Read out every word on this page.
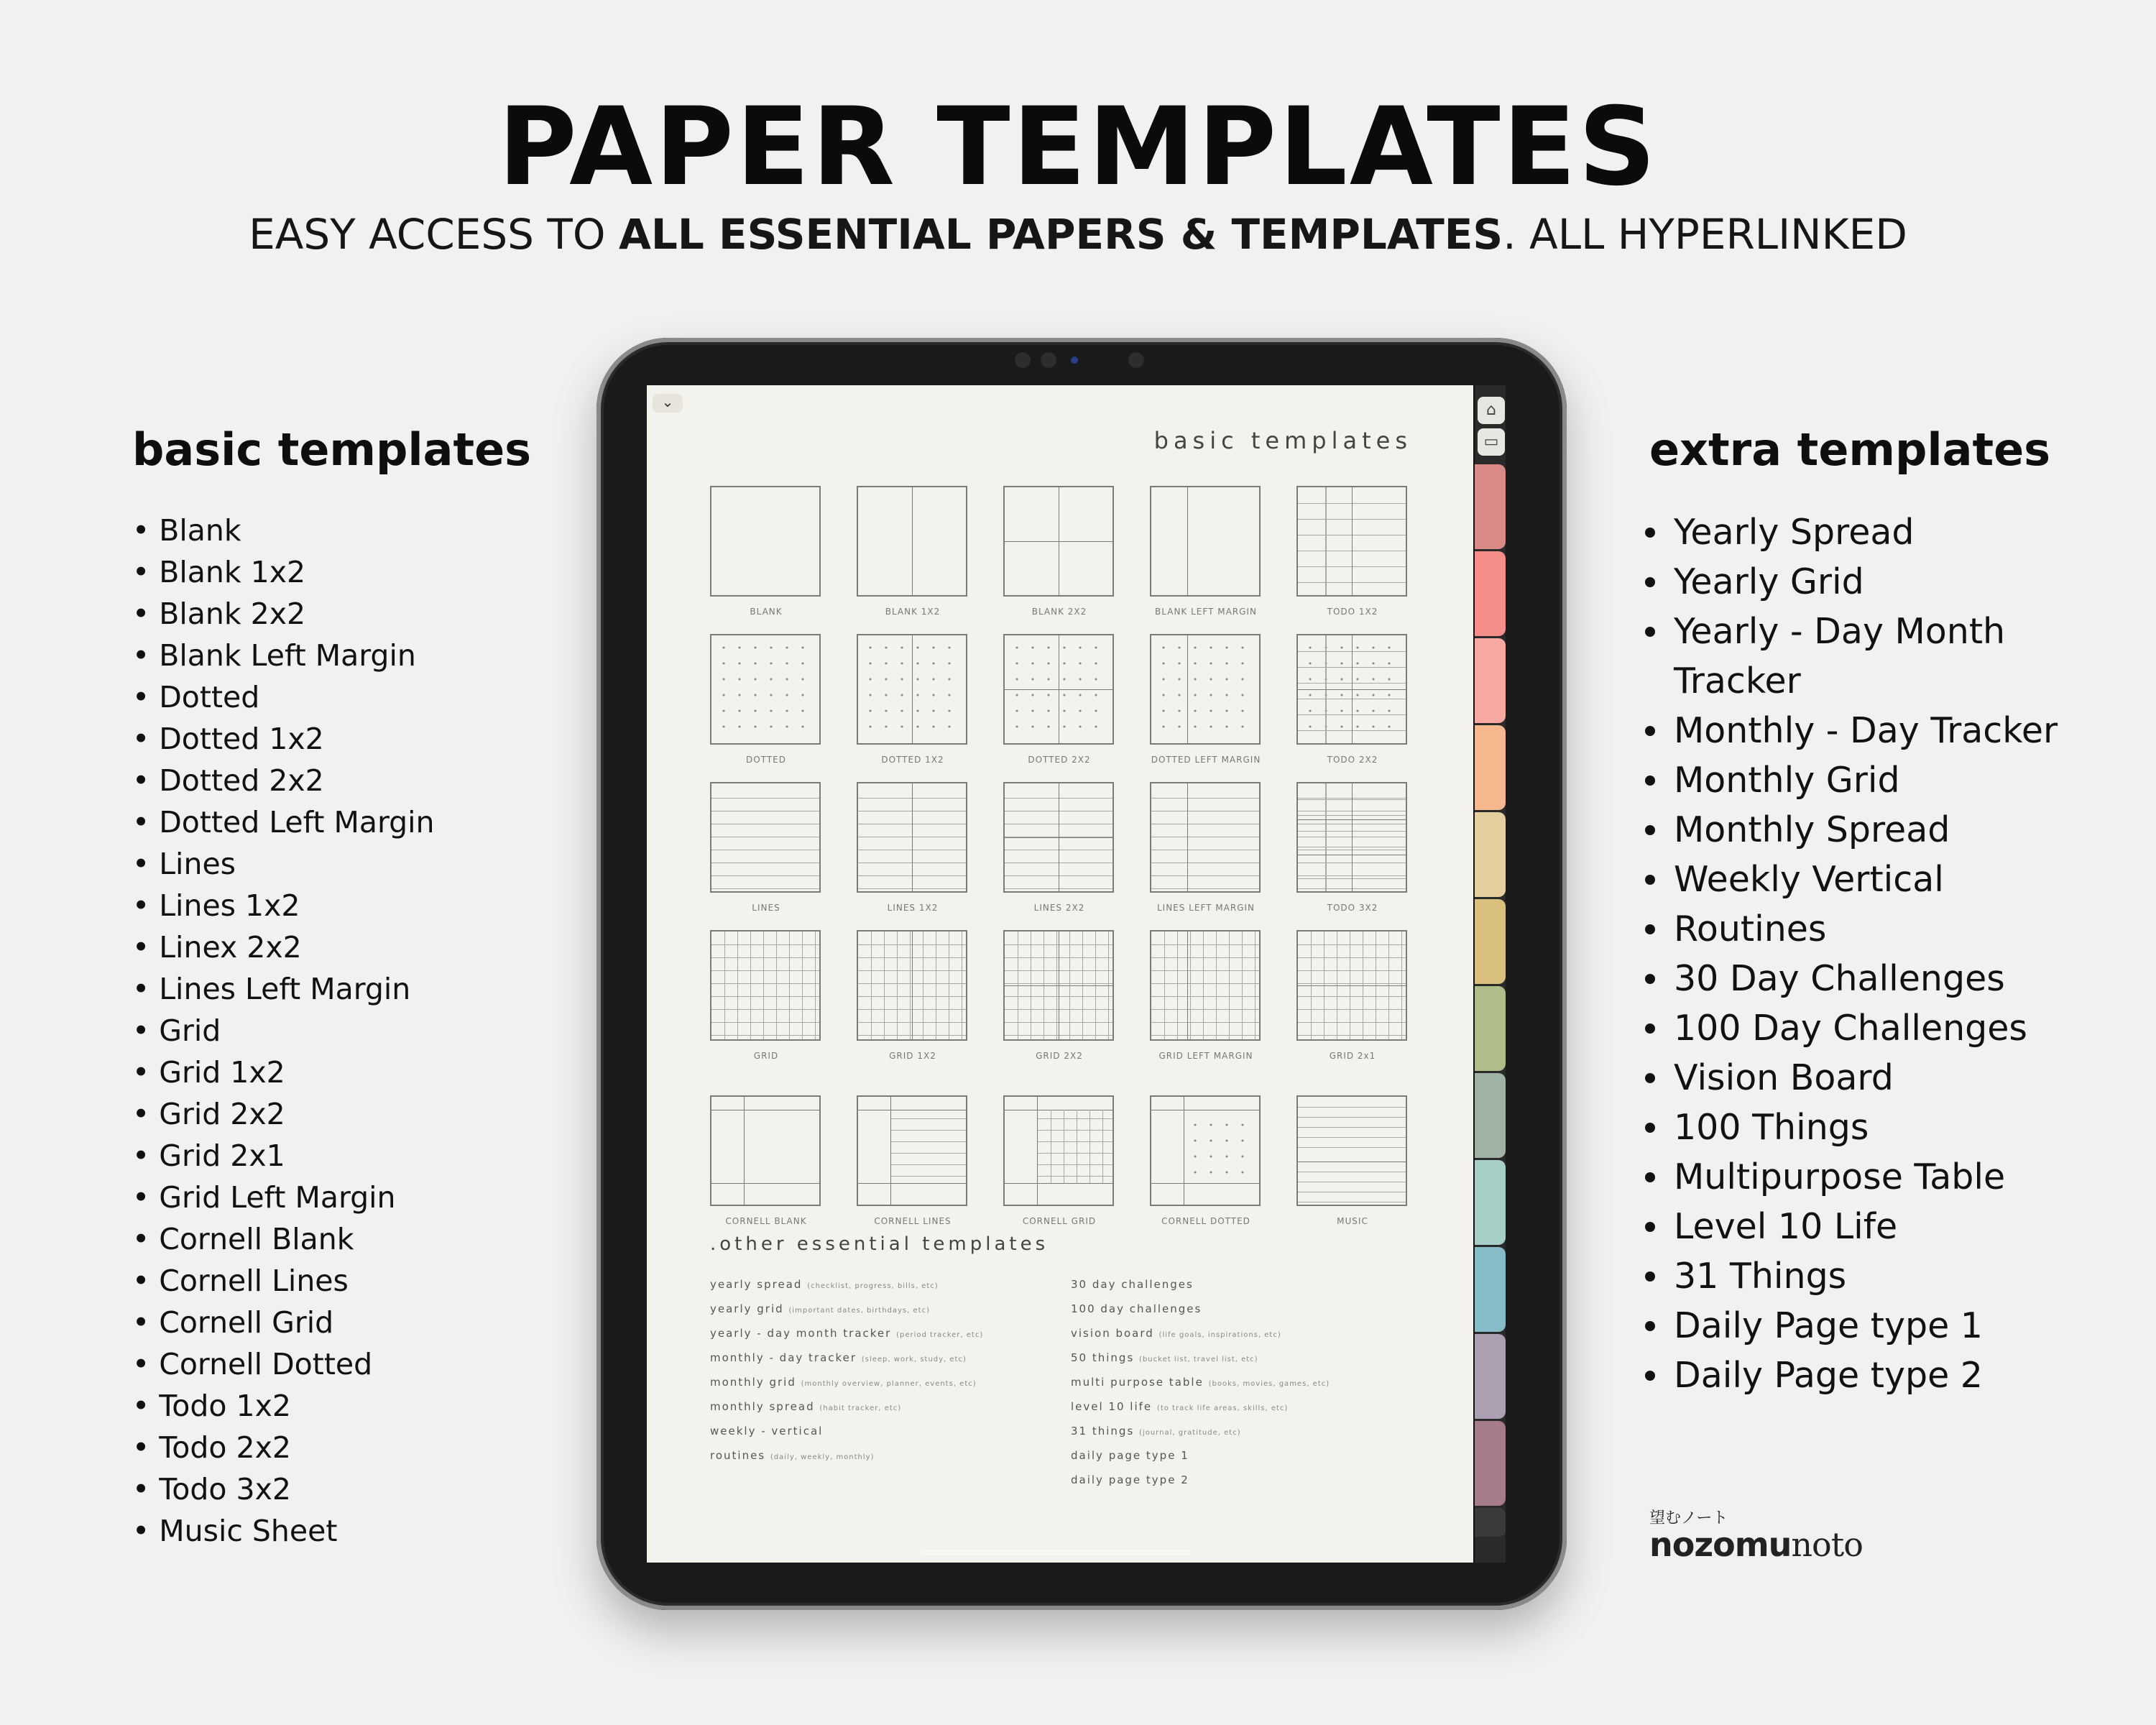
PAPER TEMPLATES
EASY ACCESS TO ALL ESSENTIAL PAPERS & TEMPLATES. ALL HYPERLINKED
basic templates
• Blank
• Blank 1x2
• Blank 2x2
• Blank Left Margin
• Dotted
• Dotted 1x2
• Dotted 2x2
• Dotted Left Margin
• Lines
• Lines 1x2
• Linex 2x2
• Lines Left Margin
• Grid
• Grid 1x2
• Grid 2x2
• Grid 2x1
• Grid Left Margin
• Cornell Blank
• Cornell Lines
• Cornell Grid
• Cornell Dotted
• Todo 1x2
• Todo 2x2
• Todo 3x2
• Music Sheet
extra templates
Yearly Spread
Yearly Grid
Yearly - Day Month Tracker
Monthly - Day Tracker
Monthly Grid
Monthly Spread
Weekly Vertical
Routines
30 Day Challenges
100 Day Challenges
Vision Board
100 Things
Multipurpose Table
Level 10 Life
31 Things
Daily Page type 1
Daily Page type 2
⌄
basic templates
.other essential templates
yearly spread (checklist, progress, bills, etc)
yearly grid (important dates, birthdays, etc)
yearly - day month tracker (period tracker, etc)
monthly - day tracker (sleep, work, study, etc)
monthly grid (monthly overview, planner, events, etc)
monthly spread (habit tracker, etc)
weekly - vertical
routines (daily, weekly, monthly)
30 day challenges
100 day challenges
vision board (life goals, inspirations, etc)
50 things (bucket list, travel list, etc)
multi purpose table (books, movies, games, etc)
level 10 life (to track life areas, skills, etc)
31 things (journal, gratitude, etc)
daily page type 1
daily page type 2
BLANK	BLANK 1X2	BLANK 2X2	BLANK LEFT MARGIN	TODO 1X2
DOTTED	DOTTED 1X2	DOTTED 2X2	DOTTED LEFT MARGIN	TODO 2X2
LINES	LINES 1X2	LINES 2X2	LINES LEFT MARGIN	TODO 3X2
GRID	GRID 1X2	GRID 2X2	GRID LEFT MARGIN	GRID 2x1
CORNELL BLANK	CORNELL LINES	CORNELL GRID	CORNELL DOTTED	MUSIC
⌂
▭
望むノート
nozomunoto
